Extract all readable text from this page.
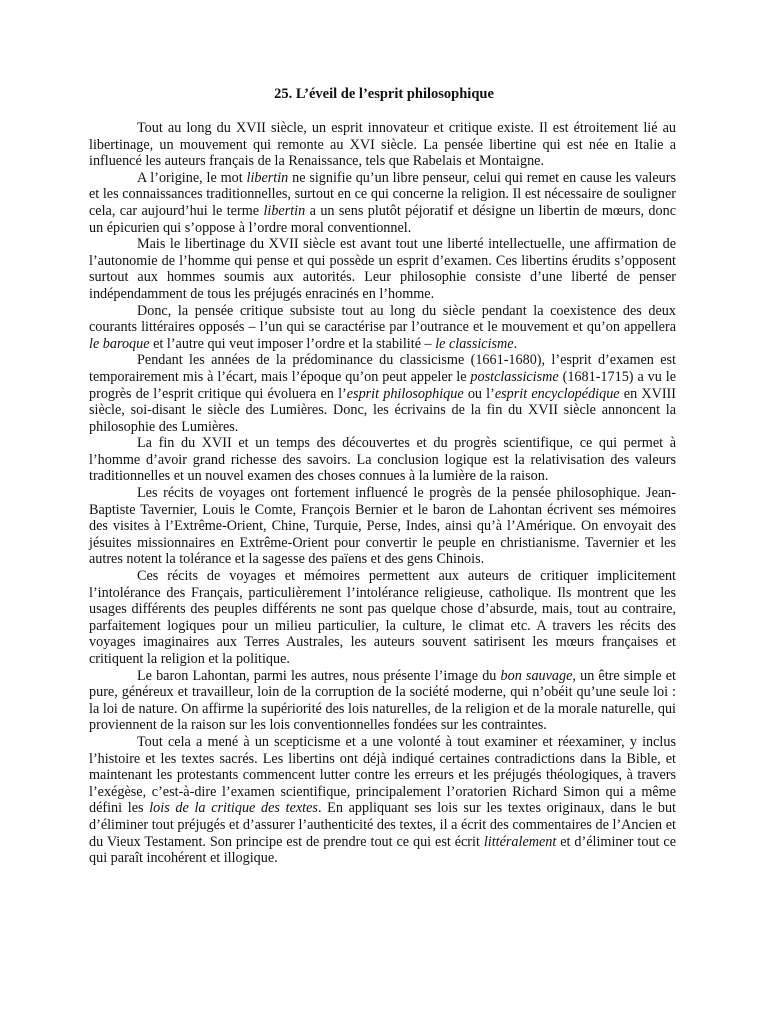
25. L’éveil de l’esprit philosophique

Tout au long du XVII siècle, un esprit innovateur et critique existe. Il est étroitement lié au libertinage, un mouvement qui remonte au XVI siècle. La pensée libertine qui est née en Italie a influencé les auteurs français de la Renaissance, tels que Rabelais et Montaigne.

A l’origine, le mot libertin ne signifie qu’un libre penseur, celui qui remet en cause les valeurs et les connaissances traditionnelles, surtout en ce qui concerne la religion. Il est nécessaire de souligner cela, car aujourd’hui le terme libertin a un sens plutôt péjoratif et désigne un libertin de mœurs, donc un épicurien qui s’oppose à l’ordre moral conventionnel.

Mais le libertinage du XVII siècle est avant tout une liberté intellectuelle, une affirmation de l’autonomie de l’homme qui pense et qui possède un esprit d’examen. Ces libertins érudits s’opposent surtout aux hommes soumis aux autorités. Leur philosophie consiste d’une liberté de penser indépendamment de tous les préjugés enracinés en l’homme.

Donc, la pensée critique subsiste tout au long du siècle pendant la coexistence des deux courants littéraires opposés – l’un qui se caractérise par l’outrance et le mouvement et qu’on appellera le baroque et l’autre qui veut imposer l’ordre et la stabilité – le classicisme.

Pendant les années de la prédominance du classicisme (1661-1680), l’esprit d’examen est temporairement mis à l’écart, mais l’époque qu’on peut appeler le postclassicisme (1681-1715) a vu le progrès de l’esprit critique qui évoluera en l’esprit philosophique ou l’esprit encyclopédique en XVIII siècle, soi-disant le siècle des Lumières. Donc, les écrivains de la fin du XVII siècle annoncent la philosophie des Lumières.

La fin du XVII et un temps des découvertes et du progrès scientifique, ce qui permet à l’homme d’avoir grand richesse des savoirs. La conclusion logique est la relativisation des valeurs traditionnelles et un nouvel examen des choses connues à la lumière de la raison.

Les récits de voyages ont fortement influencé le progrès de la pensée philosophique. Jean-Baptiste Tavernier, Louis le Comte, François Bernier et le baron de Lahontan écrivent ses mémoires des visites à l’Extrême-Orient, Chine, Turquie, Perse, Indes, ainsi qu’à l’Amérique. On envoyait des jésuites missionnaires en Extrême-Orient pour convertir le peuple en christianisme. Tavernier et les autres notent la tolérance et la sagesse des païens et des gens Chinois.

Ces récits de voyages et mémoires permettent aux auteurs de critiquer implicitement l’intolérance des Français, particulièrement l’intolérance religieuse, catholique. Ils montrent que les usages différents des peuples différents ne sont pas quelque chose d’absurde, mais, tout au contraire, parfaitement logiques pour un milieu particulier, la culture, le climat etc. A travers les récits des voyages imaginaires aux Terres Australes, les auteurs souvent satirisent les mœurs françaises et critiquent la religion et la politique.

Le baron Lahontan, parmi les autres, nous présente l’image du bon sauvage, un être simple et pure, généreux et travailleur, loin de la corruption de la société moderne, qui n’obéit qu’une seule loi : la loi de nature. On affirme la supériorité des lois naturelles, de la religion et de la morale naturelle, qui proviennent de la raison sur les lois conventionnelles fondées sur les contraintes.

Tout cela a mené à un scepticisme et a une volonté à tout examiner et réexaminer, y inclus l’histoire et les textes sacrés. Les libertins ont déjà indiqué certaines contradictions dans la Bible, et maintenant les protestants commencent lutter contre les erreurs et les préjugés théologiques, à travers l’exégèse, c’est-à-dire l’examen scientifique, principalement l’oratorien Richard Simon qui a même défini les lois de la critique des textes. En appliquant ses lois sur les textes originaux, dans le but d’éliminer tout préjugés et d’assurer l’authenticité des textes, il a écrit des commentaires de l’Ancien et du Vieux Testament. Son principe est de prendre tout ce qui est écrit littéralement et d’éliminer tout ce qui paraît incohérent et illogique.
